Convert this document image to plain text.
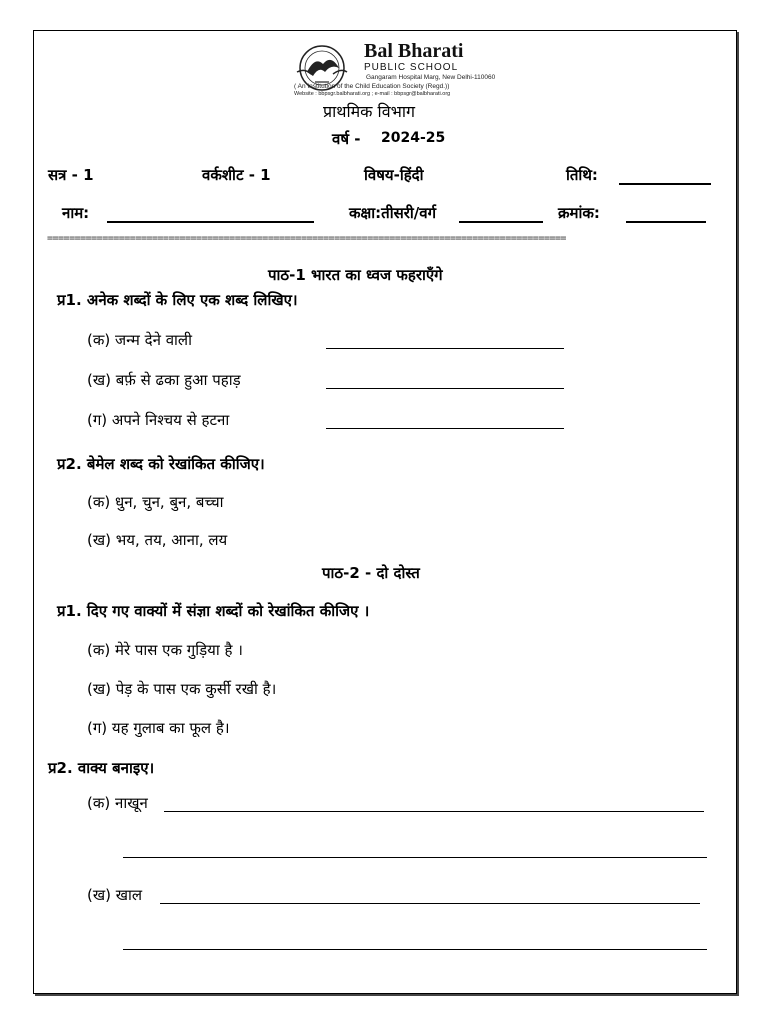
Bal Bharati
PUBLIC SCHOOL
Gangaram Hospital Marg, New Delhi-110060
( An Institution of the Child Education Society (Regd.))
Website : bbpsgr.balbharati.org ; e-mail : bbpsgr@balbharati.org
प्राथमिक विभाग
वर्ष - 2024-25
सत्र - 1	वर्कशीट - 1	विषय-हिंदी	तिथि:
नाम:	कक्षा:तीसरी/वर्ग	क्रमांक:
==============================================================================================
पाठ-1 भारत का ध्वज फहराएँगे
प्र1. अनेक शब्दों के लिए एक शब्द लिखिए।
(क) जन्म देने वाली
(ख) बर्फ़ से ढका हुआ पहाड़
(ग) अपने निश्चय से हटना
प्र2. बेमेल शब्द को रेखांकित कीजिए।
(क) धुन, चुन, बुन, बच्चा
(ख) भय, तय, आना, लय
पाठ-2 - दो दोस्त
प्र1. दिए गए वाक्यों में संज्ञा शब्दों को रेखांकित कीजिए ।
(क) मेरे पास एक गुड़िया है ।
(ख) पेड़ के पास एक कुर्सी रखी है।
(ग) यह गुलाब का फूल है।
प्र2. वाक्य बनाइए।
(क) नाखून
(ख) खाल
